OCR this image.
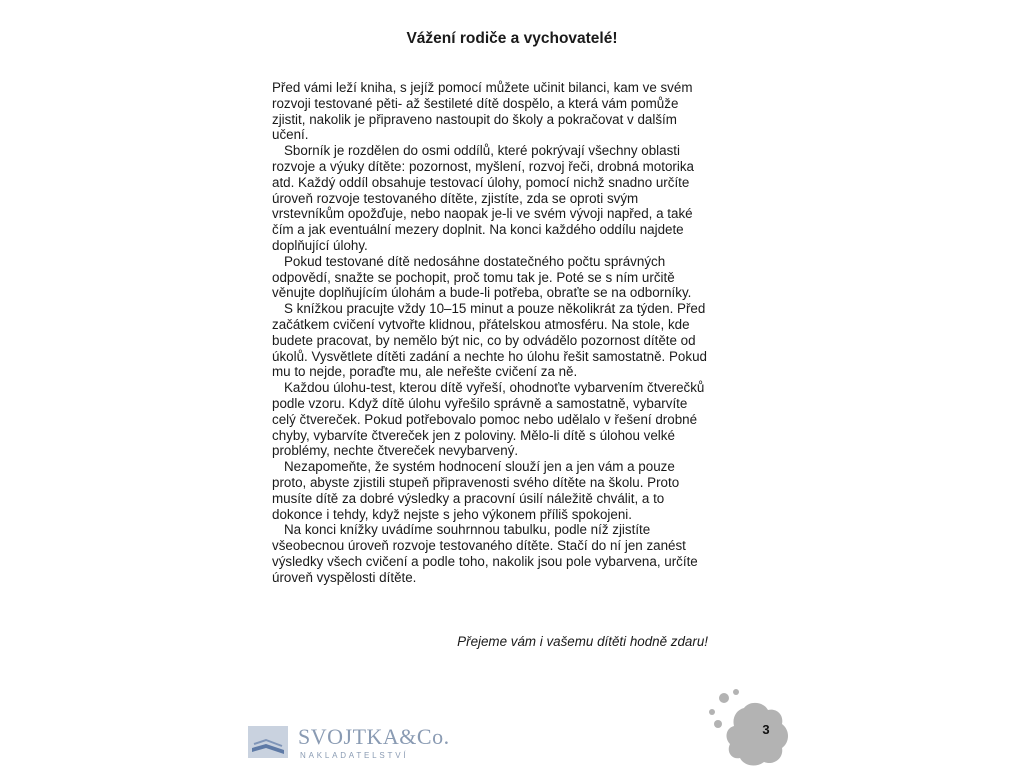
Vážení rodiče a vychovatelé!

Před vámi leží kniha, s jejíž pomocí můžete učinit bilanci, kam ve svém rozvoji testované pěti- až šestileté dítě dospělo, a která vám pomůže zjistit, nakolik je připraveno nastoupit do školy a pokračovat v dalším učení.

Sborník je rozdělen do osmi oddílů, které pokrývají všechny oblasti rozvoje a výuky dítěte: pozornost, myšlení, rozvoj řeči, drobná motorika atd. Každý oddíl obsahuje testovací úlohy, pomocí nichž snadno určíte úroveň rozvoje testovaného dítěte, zjistíte, zda se oproti svým vrstevníkům opožďuje, nebo naopak je-li ve svém vývoji napřed, a také čím a jak eventuální mezery doplnit. Na konci každého oddílu najdete doplňující úlohy.

Pokud testované dítě nedosáhne dostatečného počtu správných odpovědí, snažte se pochopit, proč tomu tak je. Poté se s ním určitě věnujte doplňujícím úlohám a bude-li potřeba, obraťte se na odborníky.

S knížkou pracujte vždy 10–15 minut a pouze několikrát za týden. Před začátkem cvičení vytvořte klidnou, přátelskou atmosféru. Na stole, kde budete pracovat, by nemělo být nic, co by odvádělo pozornost dítěte od úkolů. Vysvětlete dítěti zadání a nechte ho úlohu řešit samostatně. Pokud mu to nejde, poraďte mu, ale neřešte cvičení za ně.

Každou úlohu-test, kterou dítě vyřeší, ohodnoťte vybarvením čtverečků podle vzoru. Když dítě úlohu vyřešilo správně a samostatně, vybarvíte celý čtvereček. Pokud potřebovalo pomoc nebo udělalo v řešení drobné chyby, vybarvíte čtvereček jen z poloviny. Mělo-li dítě s úlohou velké problémy, nechte čtvereček nevybarvený.

Nezapomeňte, že systém hodnocení slouží jen a jen vám a pouze proto, abyste zjistili stupeň připravenosti svého dítěte na školu. Proto musíte dítě za dobré výsledky a pracovní úsilí náležitě chválit, a to dokonce i tehdy, když nejste s jeho výkonem příliš spokojeni.

Na konci knížky uvádíme souhrnnou tabulku, podle níž zjistíte všeobecnou úroveň rozvoje testovaného dítěte. Stačí do ní jen zanést výsledky všech cvičení a podle toho, nakolik jsou pole vybarvena, určíte úroveň vyspělosti dítěte.

Přejeme vám i vašemu dítěti hodně zdaru!
SVOJTKA&Co.
NAKLADATELSTVÍ
3
